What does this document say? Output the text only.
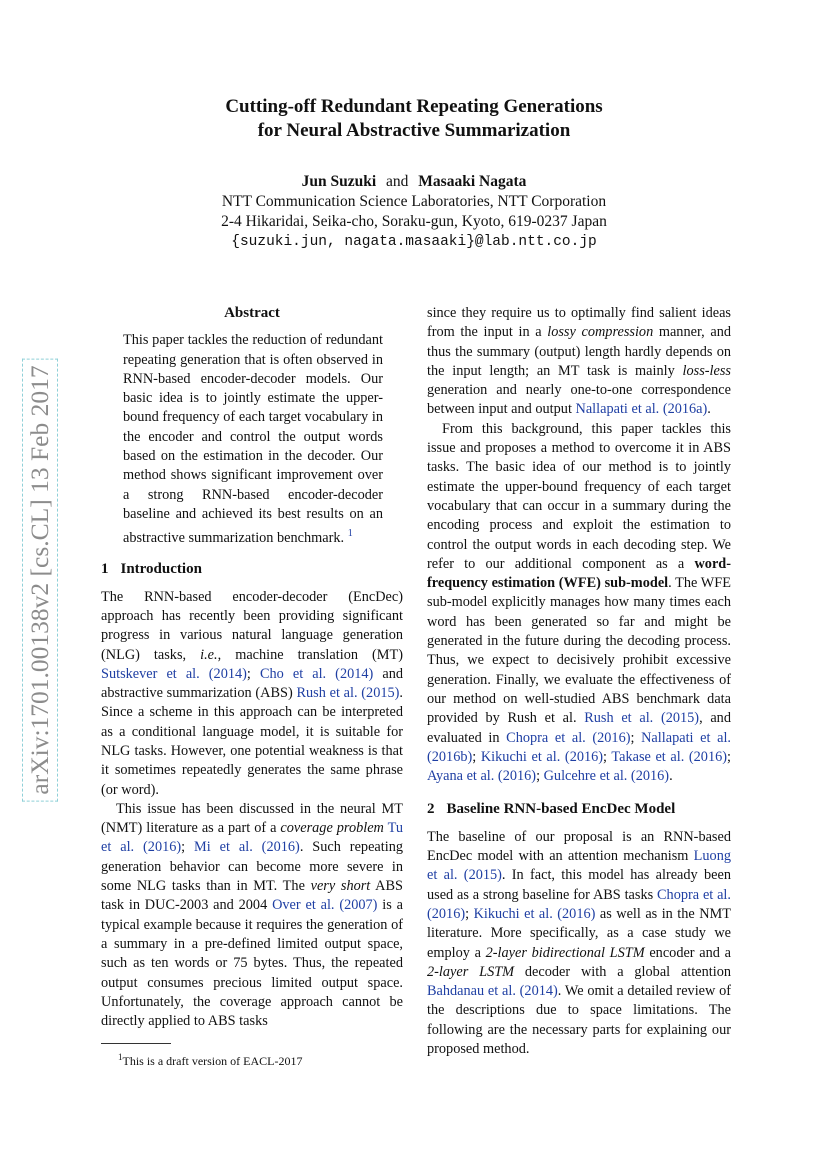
Cutting-off Redundant Repeating Generations
for Neural Abstractive Summarization
Jun Suzuki and Masaaki Nagata
NTT Communication Science Laboratories, NTT Corporation
2-4 Hikaridai, Seika-cho, Soraku-gun, Kyoto, 619-0237 Japan
{suzuki.jun, nagata.masaaki}@lab.ntt.co.jp
arXiv:1701.00138v2 [cs.CL] 13 Feb 2017
Abstract

This paper tackles the reduction of redundant repeating generation that is often observed in RNN-based encoder-decoder models. Our basic idea is to jointly estimate the upper-bound frequency of each target vocabulary in the encoder and control the output words based on the estimation in the decoder. Our method shows significant improvement over a strong RNN-based encoder-decoder baseline and achieved its best results on an abstractive summarization benchmark. $^1$

1 Introduction

The RNN-based encoder-decoder (EncDec) approach has recently been providing significant progress in various natural language generation (NLG) tasks, i.e., machine translation (MT) Sutskever et al. (2014); Cho et al. (2014) and abstractive summarization (ABS) Rush et al. (2015). Since a scheme in this approach can be interpreted as a conditional language model, it is suitable for NLG tasks. However, one potential weakness is that it sometimes repeatedly generates the same phrase (or word).

This issue has been discussed in the neural MT (NMT) literature as a part of a coverage problem Tu et al. (2016); Mi et al. (2016). Such repeating generation behavior can become more severe in some NLG tasks than in MT. The very short ABS task in DUC-2003 and 2004 Over et al. (2007) is a typical example because it requires the generation of a summary in a pre-defined limited output space, such as ten words or 75 bytes. Thus, the repeated output consumes precious limited output space. Unfortunately, the coverage approach cannot be directly applied to ABS tasks

since they require us to optimally find salient ideas from the input in a lossy compression manner, and thus the summary (output) length hardly depends on the input length; an MT task is mainly loss-less generation and nearly one-to-one correspondence between input and output Nallapati et al. (2016a).

From this background, this paper tackles this issue and proposes a method to overcome it in ABS tasks. The basic idea of our method is to jointly estimate the upper-bound frequency of each target vocabulary that can occur in a summary during the encoding process and exploit the estimation to control the output words in each decoding step. We refer to our additional component as a word-frequency estimation (WFE) sub-model. The WFE sub-model explicitly manages how many times each word has been generated so far and might be generated in the future during the decoding process. Thus, we expect to decisively prohibit excessive generation. Finally, we evaluate the effectiveness of our method on well-studied ABS benchmark data provided by Rush et al. Rush et al. (2015), and evaluated in Chopra et al. (2016); Nallapati et al. (2016b); Kikuchi et al. (2016); Takase et al. (2016); Ayana et al. (2016); Gulcehre et al. (2016).

2 Baseline RNN-based EncDec Model

The baseline of our proposal is an RNN-based EncDec model with an attention mechanism Luong et al. (2015). In fact, this model has already been used as a strong baseline for ABS tasks Chopra et al. (2016); Kikuchi et al. (2016) as well as in the NMT literature. More specifically, as a case study we employ a 2-layer bidirectional LSTM encoder and a 2-layer LSTM decoder with a global attention Bahdanau et al. (2014). We omit a detailed review of the descriptions due to space limitations. The following are the necessary parts for explaining our proposed method.

$^1$This is a draft version of EACL-2017
